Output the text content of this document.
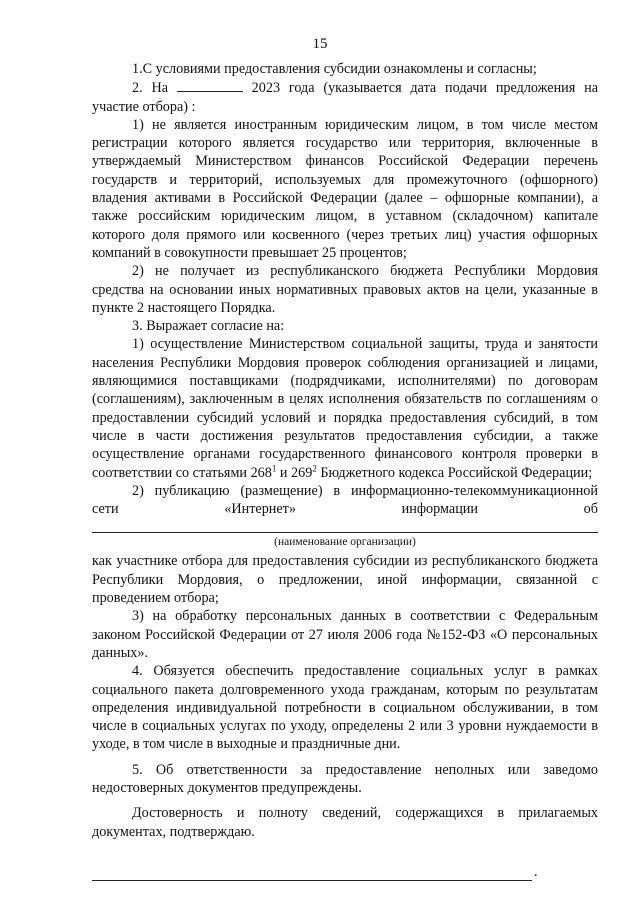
15

1.С условиями предоставления субсидии ознакомлены и согласны;

2. На	2023 года (указывается дата подачи предложения на участие отбора) :

1) не является иностранным юридическим лицом, в том числе местом регистрации которого является государство или территория, включенные в утверждаемый Министерством финансов Российской Федерации перечень государств и территорий, используемых для промежуточного (офшорного) владения активами в Российской Федерации (далее – офшорные компании), а также российским юридическим лицом, в уставном (складочном) капитале которого доля прямого или косвенного (через третьих лиц) участия офшорных компаний в совокупности превышает 25 процентов;

2) не получает из республиканского бюджета Республики Мордовия средства на основании иных нормативных правовых актов на цели, указанные в пункте 2 настоящего Порядка.

3. Выражает согласие на:

1) осуществление Министерством социальной защиты, труда и занятости населения Республики Мордовия проверок соблюдения организацией и лицами, являющимися поставщиками (подрядчиками, исполнителями) по договорам (соглашениям), заключенным в целях исполнения обязательств по соглашениям о предоставлении субсидий условий и порядка предоставления субсидий, в том числе в части достижения результатов предоставления субсидии, а также осуществление органами государственного финансового контроля проверки в соответствии со статьями $268^1$ и $269^2$ Бюджетного кодекса Российской Федерации;

2) публикацию (размещение) в информационно-телекоммуникационной сети «Интернет» информации об

(наименование организации)

как участнике отбора для предоставления субсидии из республиканского бюджета Республики Мордовия, о предложении, иной информации, связанной с проведением отбора;

3) на обработку персональных данных в соответствии с Федеральным законом Российской Федерации от 27 июля 2006 года №152-ФЗ «О персональных данных».

4. Обязуется обеспечить предоставление социальных услуг в рамках социального пакета долговременного ухода гражданам, которым по результатам определения индивидуальной потребности в социальном обслуживании, в том числе в социальных услугах по уходу, определены 2 или 3 уровни нуждаемости в уходе, в том числе в выходные и праздничные дни.

5. Об ответственности за предоставление неполных или заведомо недостоверных документов предупреждены.

Достоверность и полноту сведений, содержащихся в прилагаемых документах, подтверждаю.

.
